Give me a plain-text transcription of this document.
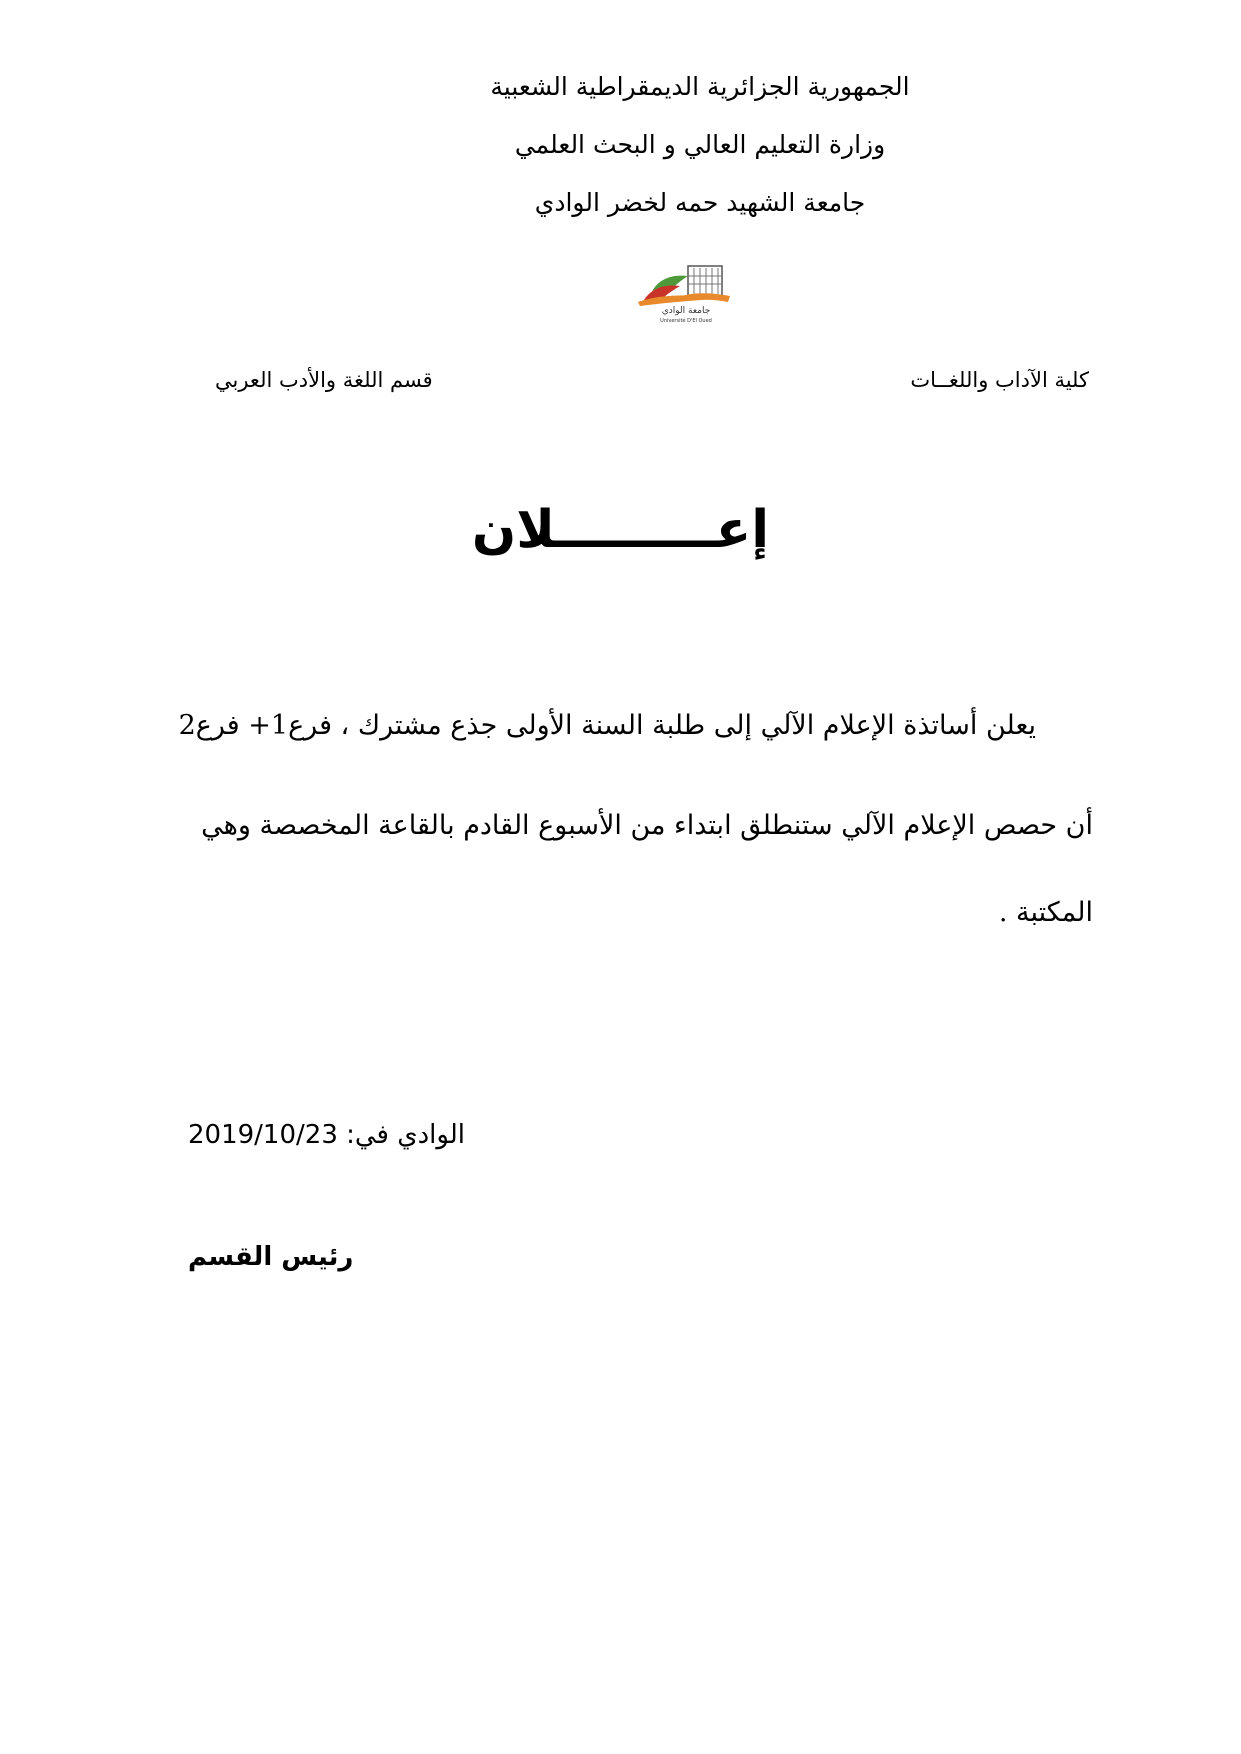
الجمهورية الجزائرية الديمقراطية الشعبية
وزارة التعليم العالي و البحث العلمي
جامعة الشهيد حمه لخضر الوادي
جامعة الوادي
Université D'El Oued
كلية الآداب واللغــات
قسم اللغة والأدب العربي
إعـــــــــلان
يعلن أساتذة الإعلام الآلي إلى طلبة السنة الأولى جذع مشترك ، فرع1+ فرع2
أن حصص الإعلام الآلي ستنطلق ابتداء من الأسبوع القادم بالقاعة المخصصة وهي
المكتبة .
الوادي في: 2019/10/23
رئيس القسم
